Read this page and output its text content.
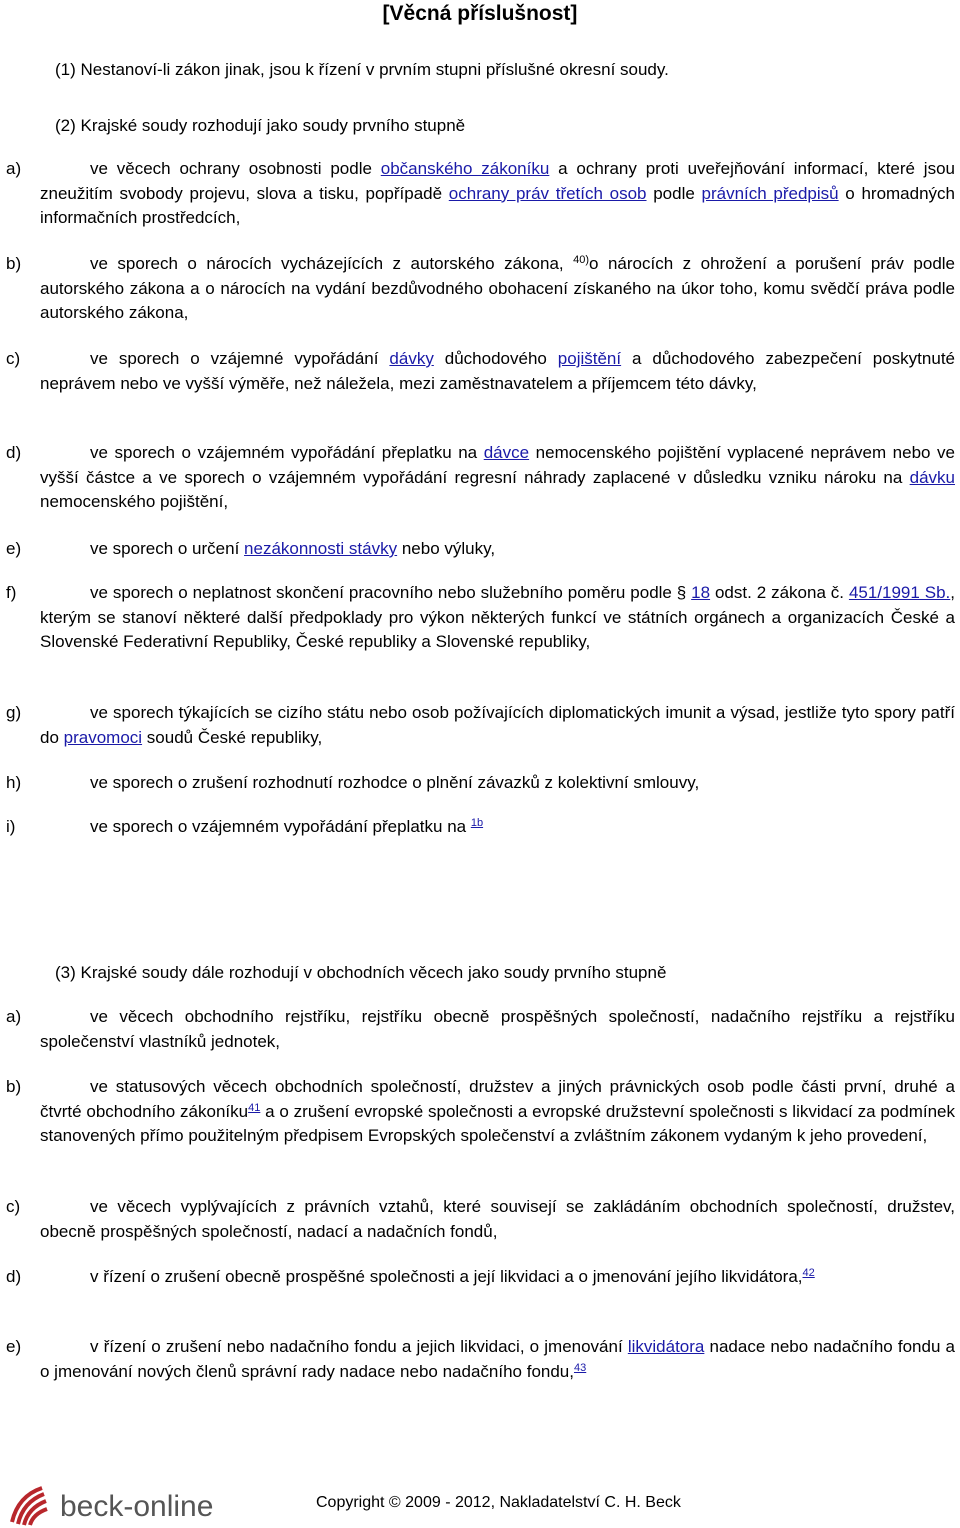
[Věcná příslušnost]
(1) Nestanoví-li zákon jinak, jsou k řízení v prvním stupni příslušné okresní soudy.
(2) Krajské soudy rozhodují jako soudy prvního stupně
a)	ve věcech ochrany osobnosti podle občanského zákoníku a ochrany proti uveřejňování informací, které jsou zneužitím svobody projevu, slova a tisku, popřípadě ochrany práv třetích osob podle právních předpisů o hromadných informačních prostředcích,
b)	ve sporech o nárocích vycházejících z autorského zákona, $^{40)}$o nárocích z ohrožení a porušení práv podle autorského zákona a o nárocích na vydání bezdůvodného obohacení získaného na úkor toho, komu svědčí práva podle autorského zákona,
c)	ve sporech o vzájemné vypořádání dávky důchodového pojištění a důchodového zabezpečení poskytnuté neprávem nebo ve vyšší výměře, než náležela, mezi zaměstnavatelem a příjemcem této dávky,
d)	ve sporech o vzájemném vypořádání přeplatku na dávce nemocenského pojištění vyplacené neprávem nebo ve vyšší částce a ve sporech o vzájemném vypořádání regresní náhrady zaplacené v důsledku vzniku nároku na dávku nemocenského pojištění,
e)	ve sporech o určení nezákonnosti stávky nebo výluky,
f)	ve sporech o neplatnost skončení pracovního nebo služebního poměru podle § 18 odst. 2 zákona č. 451/1991 Sb., kterým se stanoví některé další předpoklady pro výkon některých funkcí ve státních orgánech a organizacích České a Slovenské Federativní Republiky, České republiky a Slovenské republiky,
g)	ve sporech týkajících se cizího státu nebo osob požívajících diplomatických imunit a výsad, jestliže tyto spory patří do pravomoci soudů České republiky,
h)	ve sporech o zrušení rozhodnutí rozhodce o plnění závazků z kolektivní smlouvy,
i)	ve sporech o vzájemném vypořádání přeplatku na $^{1b}$
(3) Krajské soudy dále rozhodují v obchodních věcech jako soudy prvního stupně
a)	ve věcech obchodního rejstříku, rejstříku obecně prospěšných společností, nadačního rejstříku a rejstříku společenství vlastníků jednotek,
b)	ve statusových věcech obchodních společností, družstev a jiných právnických osob podle části první, druhé a čtvrté obchodního zákoníku$^{41}$ a o zrušení evropské společnosti a evropské družstevní společnosti s likvidací za podmínek stanovených přímo použitelným předpisem Evropských společenství a zvláštním zákonem vydaným k jeho provedení,
c)	ve věcech vyplývajících z právních vztahů, které souvisejí se zakládáním obchodních společností, družstev, obecně prospěšných společností, nadací a nadačních fondů,
d)	v řízení o zrušení obecně prospěšné společnosti a její likvidaci a o jmenování jejího likvidátora,$^{42}$
e)	v řízení o zrušení nebo nadačního fondu a jejich likvidaci, o jmenování likvidátora nadace nebo nadačního fondu a o jmenování nových členů správní rady nadace nebo nadačního fondu,$^{43}$
beck-online	Copyright © 2009 - 2012, Nakladatelství C. H. Beck
